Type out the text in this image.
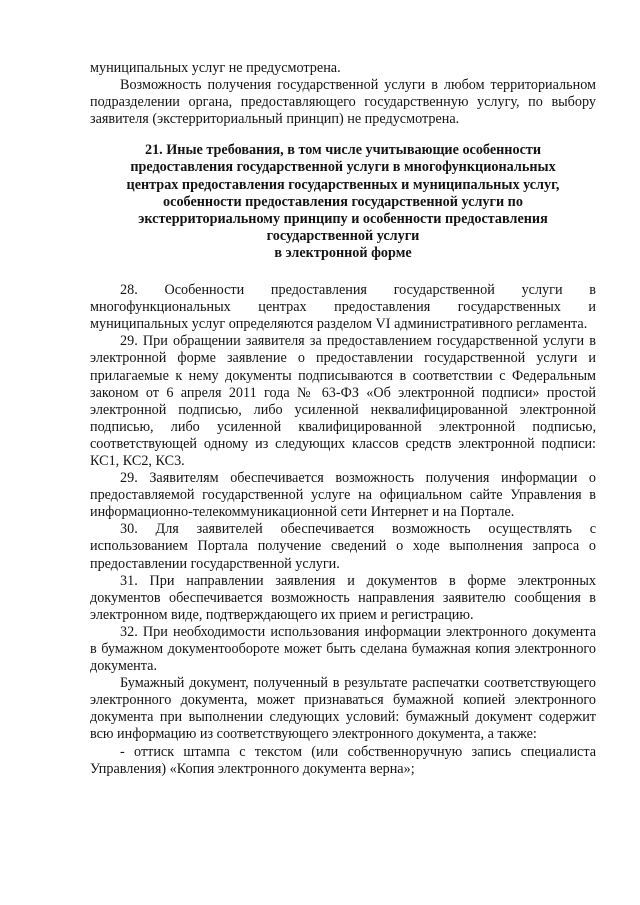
муниципальных услуг не предусмотрена.

Возможность получения государственной услуги в любом территориальном подразделении органа, предоставляющего государственную услугу, по выбору заявителя (экстерриториальный принцип) не предусмотрена.

21. Иные требования, в том числе учитывающие особенности
предоставления государственной услуги в многофункциональных
центрах предоставления государственных и муниципальных услуг,
особенности предоставления государственной услуги по
экстерриториальному принципу и особенности предоставления
государственной услуги
в электронной форме

28. Особенности предоставления государственной услуги в многофункциональных центрах предоставления государственных и муниципальных услуг определяются разделом VI административного регламента.

29. При обращении заявителя за предоставлением государственной услуги в электронной форме заявление о предоставлении государственной услуги и прилагаемые к нему документы подписываются в соответствии с Федеральным законом от 6 апреля 2011 года № 63-ФЗ «Об электронной подписи» простой электронной подписью, либо усиленной неквалифицированной электронной подписью, либо усиленной квалифицированной электронной подписью, соответствующей одному из следующих классов средств электронной подписи: КС1, КС2, КС3.

29. Заявителям обеспечивается возможность получения информации о предоставляемой государственной услуге на официальном сайте Управления в информационно-телекоммуникационной сети Интернет и на Портале.

30. Для заявителей обеспечивается возможность осуществлять с использованием Портала получение сведений о ходе выполнения запроса о предоставлении государственной услуги.

31. При направлении заявления и документов в форме электронных документов обеспечивается возможность направления заявителю сообщения в электронном виде, подтверждающего их прием и регистрацию.

32. При необходимости использования информации электронного документа в бумажном документообороте может быть сделана бумажная копия электронного документа.

Бумажный документ, полученный в результате распечатки соответствующего электронного документа, может признаваться бумажной копией электронного документа при выполнении следующих условий: бумажный документ содержит всю информацию из соответствующего электронного документа, а также:

- оттиск штампа с текстом (или собственноручную запись специалиста Управления) «Копия электронного документа верна»;
